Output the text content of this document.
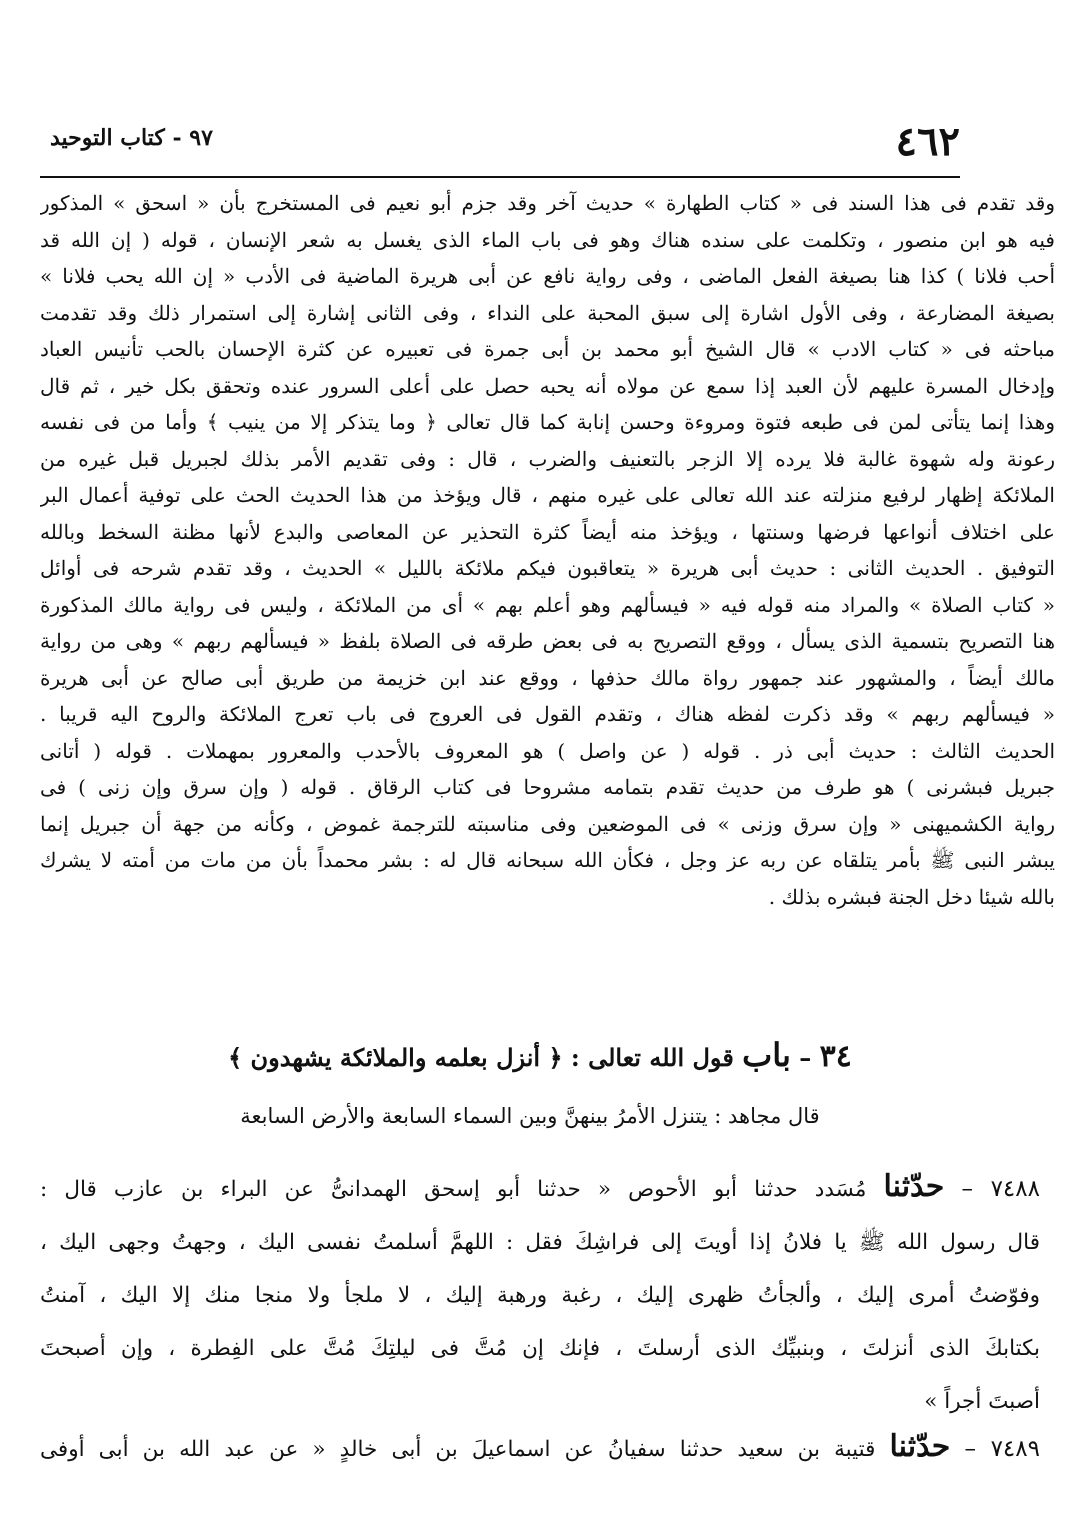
٤٦٢
٩٧ - كتاب التوحيد
وقد تقدم فى هذا السند فى « كتاب الطهارة » حديث آخر وقد جزم أبو نعيم فى المستخرج بأن « اسحق » المذكور
فيه هو ابن منصور ، وتكلمت على سنده هناك وهو فى باب الماء الذى يغسل به شعر الإنسان ، قوله ( إن الله قد
أحب فلانا ) كذا هنا بصيغة الفعل الماضى ، وفى رواية نافع عن أبى هريرة الماضية فى الأدب « إن الله يحب فلانا »
بصيغة المضارعة ، وفى الأول اشارة إلى سبق المحبة على النداء ، وفى الثانى إشارة إلى استمرار ذلك وقد تقدمت
مباحثه فى « كتاب الادب » قال الشيخ أبو محمد بن أبى جمرة فى تعبيره عن كثرة الإحسان بالحب تأنيس العباد
وإدخال المسرة عليهم لأن العبد إذا سمع عن مولاه أنه يحبه حصل على أعلى السرور عنده وتحقق بكل خير ، ثم قال
وهذا إنما يتأتى لمن فى طبعه فتوة ومروءة وحسن إنابة كما قال تعالى ﴿ وما يتذكر إلا من ينيب ﴾ وأما من فى نفسه
رعونة وله شهوة غالبة فلا يرده إلا الزجر بالتعنيف والضرب ، قال : وفى تقديم الأمر بذلك لجبريل قبل غيره من
الملائكة إظهار لرفيع منزلته عند الله تعالى على غيره منهم ، قال ويؤخذ من هذا الحديث الحث على توفية أعمال البر
على اختلاف أنواعها فرضها وسنتها ، ويؤخذ منه أيضاً كثرة التحذير عن المعاصى والبدع لأنها مظنة السخط وبالله
التوفيق . الحديث الثانى : حديث أبى هريرة « يتعاقبون فيكم ملائكة بالليل » الحديث ، وقد تقدم شرحه فى أوائل
« كتاب الصلاة » والمراد منه قوله فيه « فيسألهم وهو أعلم بهم » أى من الملائكة ، وليس فى رواية مالك المذكورة
هنا التصريح بتسمية الذى يسأل ، ووقع التصريح به فى بعض طرقه فى الصلاة بلفظ « فيسألهم ربهم » وهى من رواية
مالك أيضاً ، والمشهور عند جمهور رواة مالك حذفها ، ووقع عند ابن خزيمة من طريق أبى صالح عن أبى هريرة
« فيسألهم ربهم » وقد ذكرت لفظه هناك ، وتقدم القول فى العروج فى باب تعرج الملائكة والروح اليه قريبا .
الحديث الثالث : حديث أبى ذر . قوله ( عن واصل ) هو المعروف بالأحدب والمعرور بمهملات . قوله ( أتانى
جبريل فبشرنى ) هو طرف من حديث تقدم بتمامه مشروحا فى كتاب الرقاق . قوله ( وإن سرق وإن زنى ) فى
رواية الكشميهنى « وإن سرق وزنى » فى الموضعين وفى مناسبته للترجمة غموض ، وكأنه من جهة أن جبريل إنما
يبشر النبى ﷺ بأمر يتلقاه عن ربه عز وجل ، فكأن الله سبحانه قال له : بشر محمداً بأن من مات من أمته لا يشرك
بالله شيئا دخل الجنة فبشره بذلك .
٣٤ – باب قول الله تعالى : ﴿ أنزل بعلمه والملائكة يشهدون ﴾
قال مجاهد : يتنزل الأمرُ بينهنَّ وبين السماء السابعة والأرض السابعة
٧٤٨٨ – حدّثنا مُسَدد حدثنا أبو الأحوص « حدثنا أبو إسحق الهمدانىُّ عن البراء بن عازب قال :
قال رسول الله ﷺ يا فلانُ إذا أويتَ إلى فراشِكَ فقل : اللهمَّ أسلمتُ نفسى اليك ، وجهتُ وجهى اليك ،
وفوّضتُ أمرى إليك ، وألجأتُ ظهرى إليك ، رغبة ورهبة إليك ، لا ملجأ ولا منجا منك إلا اليك ، آمنتُ
بكتابكَ الذى أنزلتَ ، وبنبيِّك الذى أرسلتَ ، فإنك إن مُتَّ فى ليلتِكَ مُتَّ على الفِطرة ، وإن أصبحتَ
أصبتَ أجراً »
٧٤٨٩ – حدّثنا قتيبة بن سعيد حدثنا سفيانُ عن اسماعيلَ بن أبى خالدٍ « عن عبد الله بن أبى أوفى
